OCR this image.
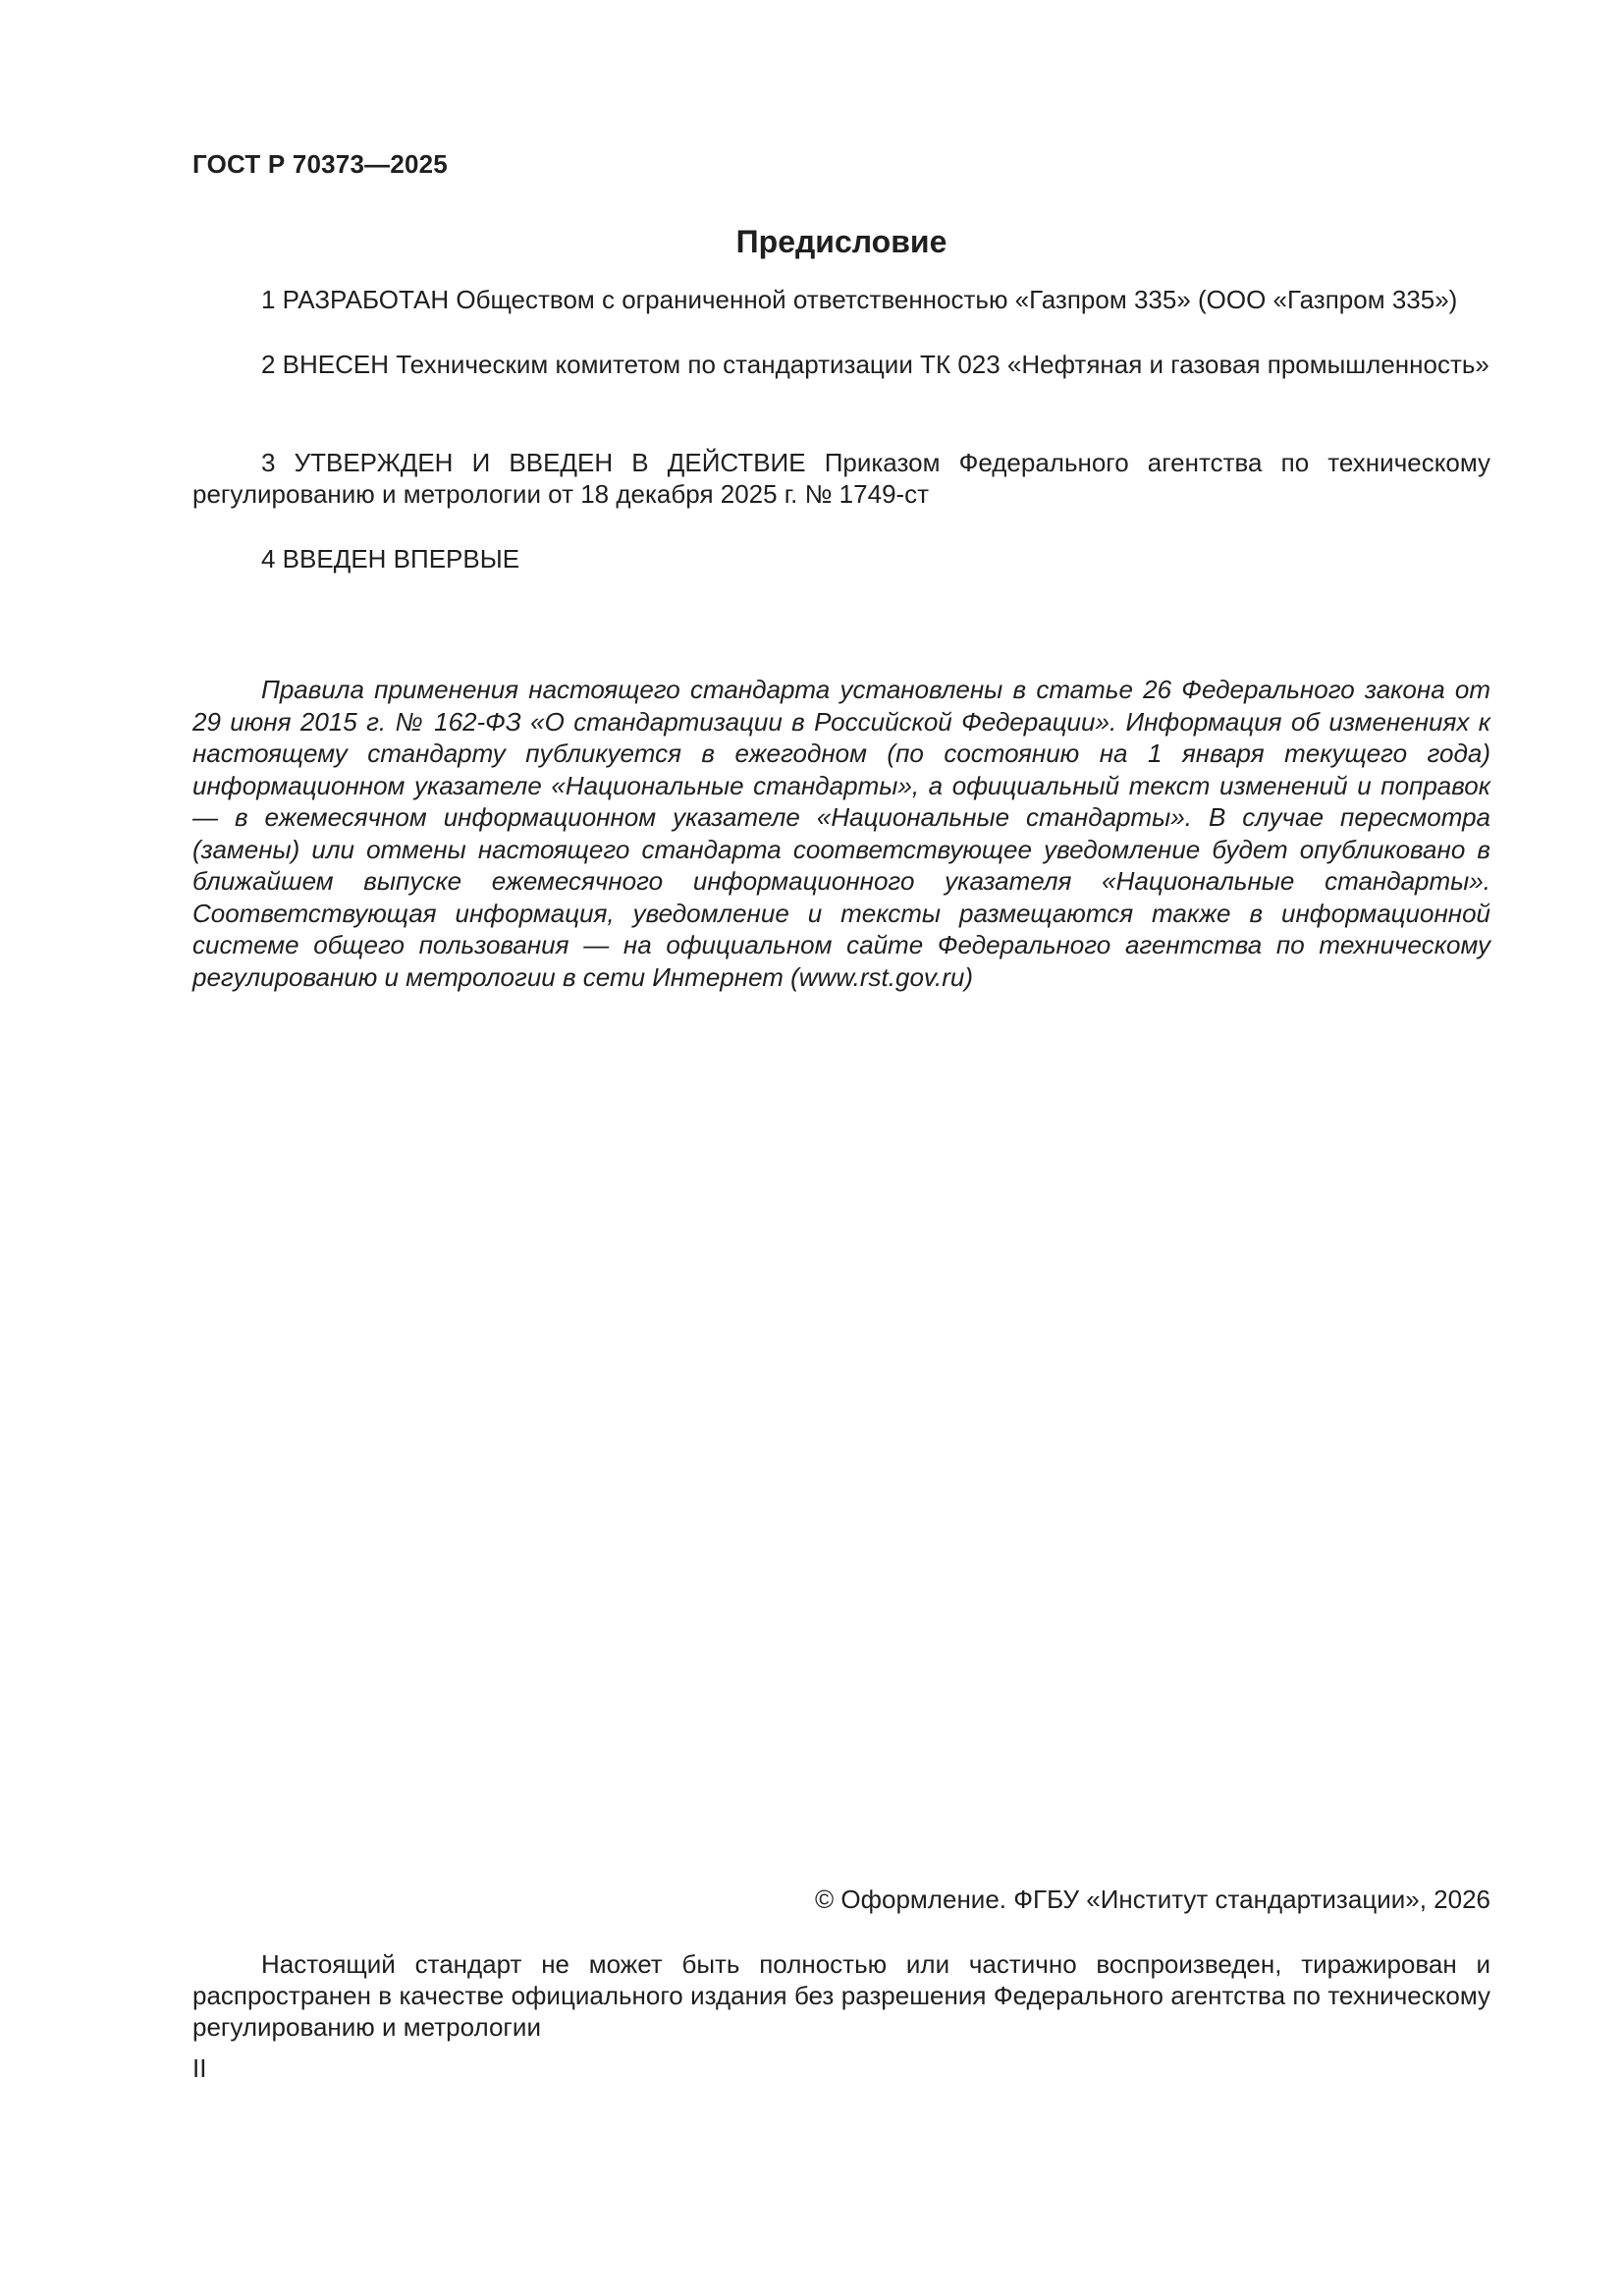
ГОСТ Р 70373—2025
Предисловие

1 РАЗРАБОТАН Обществом с ограниченной ответственностью «Газпром 335» (ООО «Газпром 335»)

2 ВНЕСЕН Техническим комитетом по стандартизации ТК 023 «Нефтяная и газовая промышленность»

3 УТВЕРЖДЕН И ВВЕДЕН В ДЕЙСТВИЕ Приказом Федерального агентства по техническому регулированию и метрологии от 18 декабря 2025 г. № 1749-ст

4 ВВЕДЕН ВПЕРВЫЕ

Правила применения настоящего стандарта установлены в статье 26 Федерального закона от 29 июня 2015 г. № 162-ФЗ «О стандартизации в Российской Федерации». Информация об изменениях к настоящему стандарту публикуется в ежегодном (по состоянию на 1 января текущего года) информационном указателе «Национальные стандарты», а официальный текст изменений и поправок — в ежемесячном информационном указателе «Национальные стандарты». В случае пересмотра (замены) или отмены настоящего стандарта соответствующее уведомление будет опубликовано в ближайшем выпуске ежемесячного информационного указателя «Национальные стандарты». Соответствующая информация, уведомление и тексты размещаются также в информационной системе общего пользования — на официальном сайте Федерального агентства по техническому регулированию и метрологии в сети Интернет (www.rst.gov.ru)

© Оформление. ФГБУ «Институт стандартизации», 2026

Настоящий стандарт не может быть полностью или частично воспроизведен, тиражирован и распространен в качестве официального издания без разрешения Федерального агентства по техническому регулированию и метрологии

II
